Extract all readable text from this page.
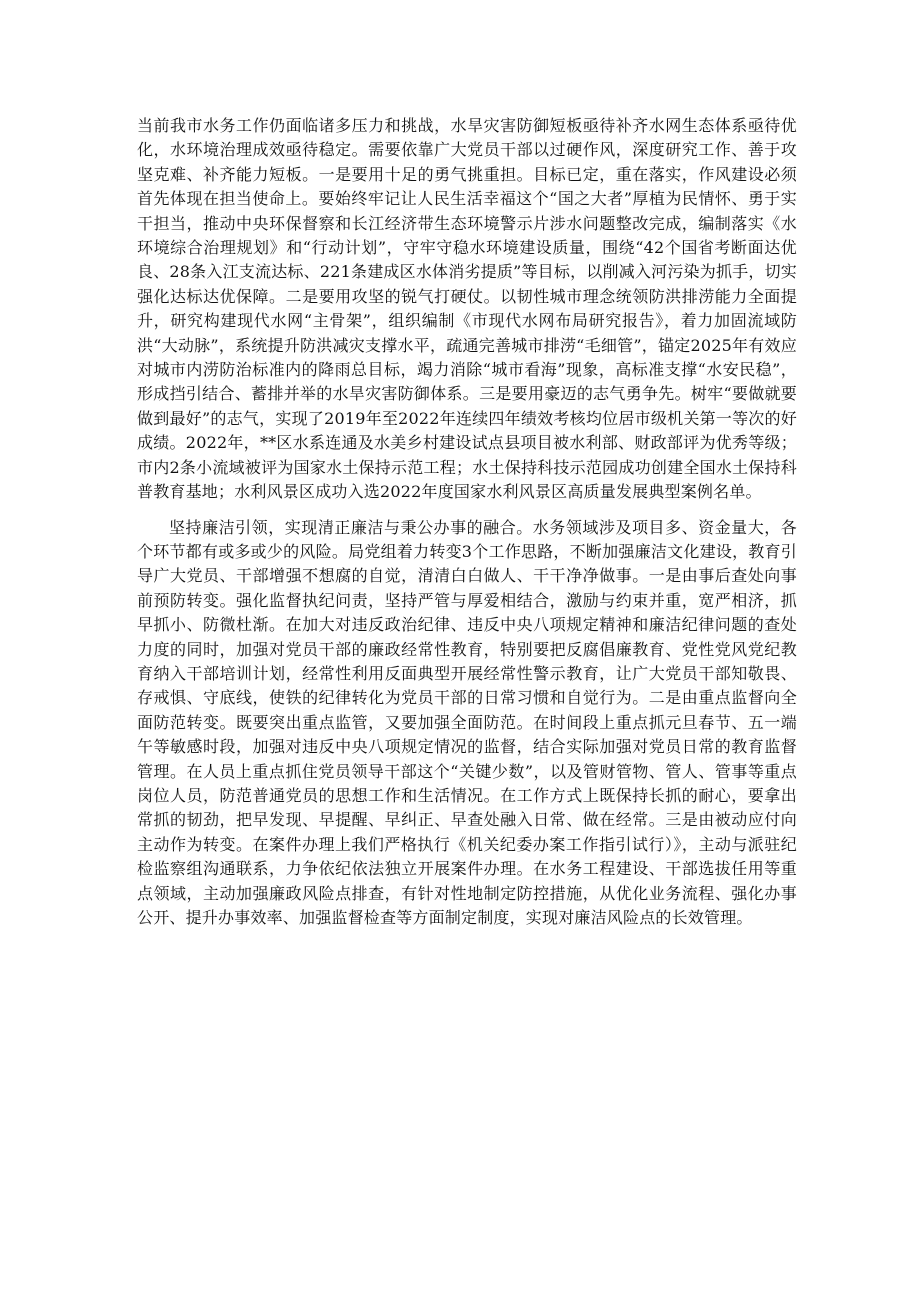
当前我市水务工作仍面临诸多压力和挑战，水旱灾害防御短板亟待补齐水网生态体系亟待优化，水环境治理成效亟待稳定。需要依靠广大党员干部以过硬作风，深度研究工作、善于攻坚克难、补齐能力短板。一是要用十足的勇气挑重担。目标已定，重在落实，作风建设必须首先体现在担当使命上。要始终牢记让人民生活幸福这个“国之大者”厚植为民情怀、勇于实干担当，推动中央环保督察和长江经济带生态环境警示片涉水问题整改完成，编制落实《水环境综合治理规划》和“行动计划”，守牢守稳水环境建设质量，围绕“42个国省考断面达优良、28条入江支流达标、221条建成区水体消劣提质”等目标，以削减入河污染为抓手，切实强化达标达优保障。二是要用攻坚的锐气打硬仗。以韧性城市理念统领防洪排涝能力全面提升，研究构建现代水网“主骨架”，组织编制《市现代水网布局研究报告》，着力加固流域防洪“大动脉”，系统提升防洪减灾支撑水平，疏通完善城市排涝“毛细管”，锚定2025年有效应对城市内涝防治标准内的降雨总目标，竭力消除“城市看海”现象，高标准支撑“水安民稳”，形成挡引结合、蓄排并举的水旱灾害防御体系。三是要用豪迈的志气勇争先。树牢“要做就要做到最好”的志气，实现了2019年至2022年连续四年绩效考核均位居市级机关第一等次的好成绩。2022年，**区水系连通及水美乡村建设试点县项目被水利部、财政部评为优秀等级；市内2条小流域被评为国家水土保持示范工程；水土保持科技示范园成功创建全国水土保持科普教育基地；水利风景区成功入选2022年度国家水利风景区高质量发展典型案例名单。

坚持廉洁引领，实现清正廉洁与秉公办事的融合。水务领域涉及项目多、资金量大，各个环节都有或多或少的风险。局党组着力转变3个工作思路，不断加强廉洁文化建设，教育引导广大党员、干部增强不想腐的自觉，清清白白做人、干干净净做事。一是由事后查处向事前预防转变。强化监督执纪问责，坚持严管与厚爱相结合，激励与约束并重，宽严相济，抓早抓小、防微杜渐。在加大对违反政治纪律、违反中央八项规定精神和廉洁纪律问题的查处力度的同时，加强对党员干部的廉政经常性教育，特别要把反腐倡廉教育、党性党风党纪教育纳入干部培训计划，经常性利用反面典型开展经常性警示教育，让广大党员干部知敬畏、存戒惧、守底线，使铁的纪律转化为党员干部的日常习惯和自觉行为。二是由重点监督向全面防范转变。既要突出重点监管，又要加强全面防范。在时间段上重点抓元旦春节、五一端午等敏感时段，加强对违反中央八项规定情况的监督，结合实际加强对党员日常的教育监督管理。在人员上重点抓住党员领导干部这个“关键少数”，以及管财管物、管人、管事等重点岗位人员，防范普通党员的思想工作和生活情况。在工作方式上既保持长抓的耐心，要拿出常抓的韧劲，把早发现、早提醒、早纠正、早查处融入日常、做在经常。三是由被动应付向主动作为转变。在案件办理上我们严格执行《机关纪委办案工作指引试行）》，主动与派驻纪检监察组沟通联系，力争依纪依法独立开展案件办理。在水务工程建设、干部选拔任用等重点领域，主动加强廉政风险点排查，有针对性地制定防控措施，从优化业务流程、强化办事公开、提升办事效率、加强监督检查等方面制定制度，实现对廉洁风险点的长效管理。
